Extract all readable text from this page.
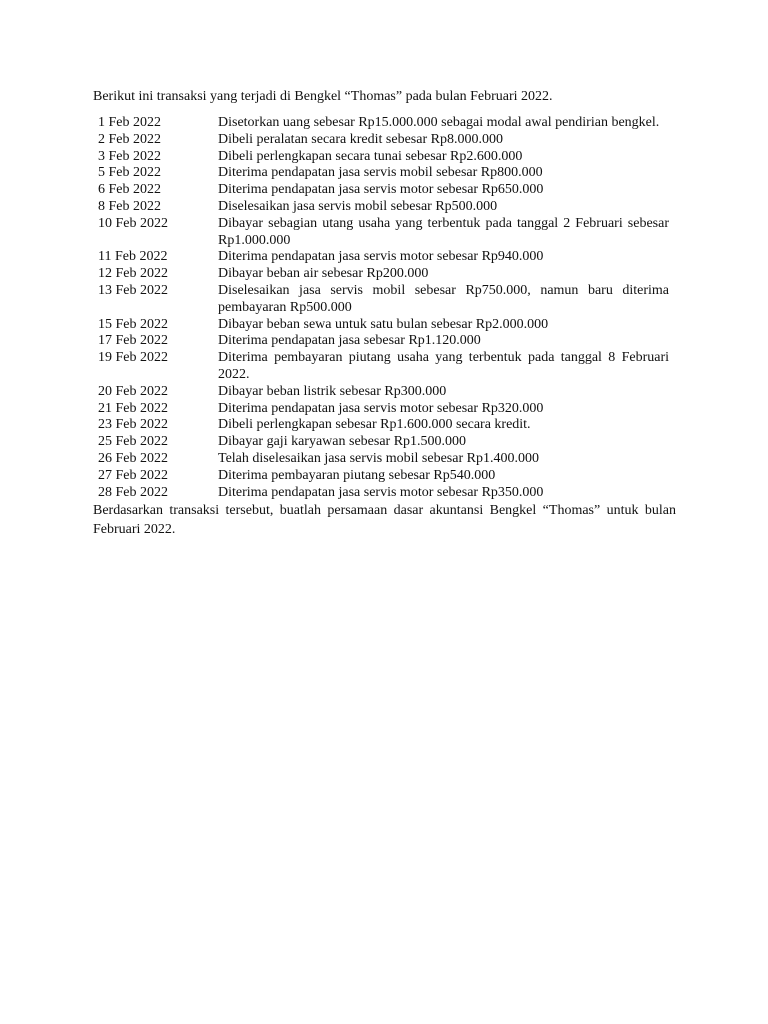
Berikut ini transaksi yang terjadi di Bengkel “Thomas” pada bulan Februari 2022.

1 Feb 2022	Disetorkan uang sebesar Rp15.000.000 sebagai modal awal pendirian bengkel.
2 Feb 2022	Dibeli peralatan secara kredit sebesar Rp8.000.000
3 Feb 2022	Dibeli perlengkapan secara tunai sebesar Rp2.600.000
5 Feb 2022	Diterima pendapatan jasa servis mobil sebesar Rp800.000
6 Feb 2022	Diterima pendapatan jasa servis motor sebesar Rp650.000
8 Feb 2022	Diselesaikan jasa servis mobil sebesar Rp500.000
10 Feb 2022	Dibayar sebagian utang usaha yang terbentuk pada tanggal 2 Februari sebesar Rp1.000.000
11 Feb 2022	Diterima pendapatan jasa servis motor sebesar Rp940.000
12 Feb 2022	Dibayar beban air sebesar Rp200.000
13 Feb 2022	Diselesaikan jasa servis mobil sebesar Rp750.000, namun baru diterima pembayaran Rp500.000
15 Feb 2022	Dibayar beban sewa untuk satu bulan sebesar Rp2.000.000
17 Feb 2022	Diterima pendapatan jasa sebesar Rp1.120.000
19 Feb 2022	Diterima pembayaran piutang usaha yang terbentuk pada tanggal 8 Februari 2022.
20 Feb 2022	Dibayar beban listrik sebesar Rp300.000
21 Feb 2022	Diterima pendapatan jasa servis motor sebesar Rp320.000
23 Feb 2022	Dibeli perlengkapan sebesar Rp1.600.000 secara kredit.
25 Feb 2022	Dibayar gaji karyawan sebesar Rp1.500.000
26 Feb 2022	Telah diselesaikan jasa servis mobil sebesar Rp1.400.000
27 Feb 2022	Diterima pembayaran piutang sebesar Rp540.000
28 Feb 2022	Diterima pendapatan jasa servis motor sebesar Rp350.000

Berdasarkan transaksi tersebut, buatlah persamaan dasar akuntansi Bengkel “Thomas” untuk bulan Februari 2022.
